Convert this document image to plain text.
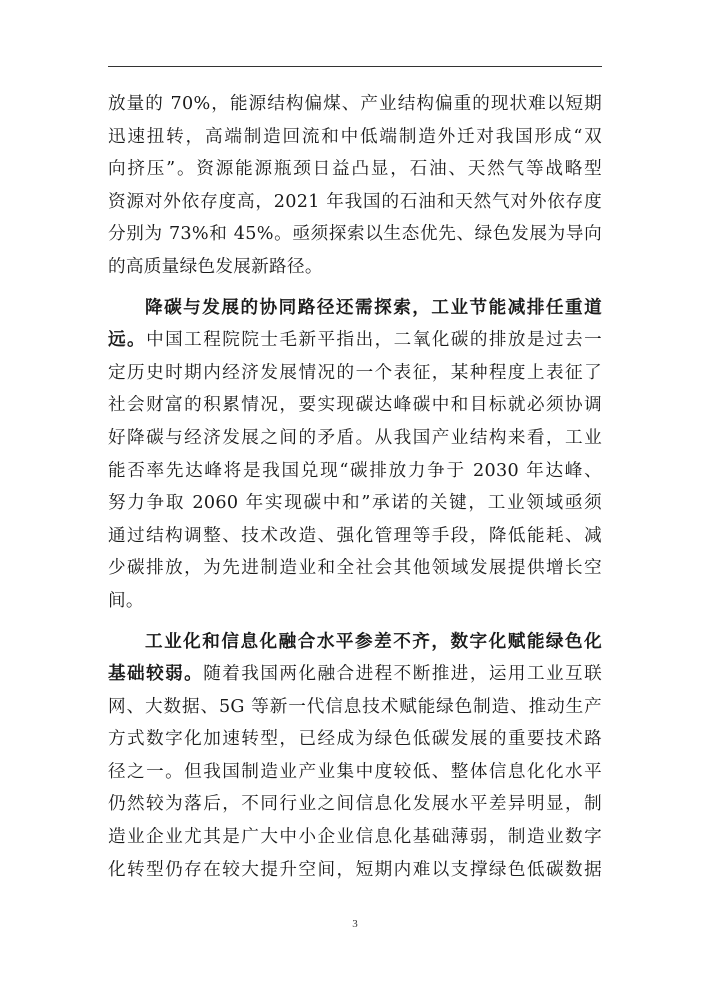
放量的 70%，能源结构偏煤、产业结构偏重的现状难以短期
迅速扭转，高端制造回流和中低端制造外迁对我国形成“双
向挤压”。资源能源瓶颈日益凸显，石油、天然气等战略型
资源对外依存度高，2021 年我国的石油和天然气对外依存度
分别为 73%和 45%。亟须探索以生态优先、绿色发展为导向
的高质量绿色发展新路径。
降碳与发展的协同路径还需探索，工业节能减排任重道
远。中国工程院院士毛新平指出，二氧化碳的排放是过去一
定历史时期内经济发展情况的一个表征，某种程度上表征了
社会财富的积累情况，要实现碳达峰碳中和目标就必须协调
好降碳与经济发展之间的矛盾。从我国产业结构来看，工业
能否率先达峰将是我国兑现“碳排放力争于 2030 年达峰、
努力争取 2060 年实现碳中和”承诺的关键，工业领域亟须
通过结构调整、技术改造、强化管理等手段，降低能耗、减
少碳排放，为先进制造业和全社会其他领域发展提供增长空
间。
工业化和信息化融合水平参差不齐，数字化赋能绿色化
基础较弱。随着我国两化融合进程不断推进，运用工业互联
网、大数据、5G 等新一代信息技术赋能绿色制造、推动生产
方式数字化加速转型，已经成为绿色低碳发展的重要技术路
径之一。但我国制造业产业集中度较低、整体信息化化水平
仍然较为落后，不同行业之间信息化发展水平差异明显，制
造业企业尤其是广大中小企业信息化基础薄弱，制造业数字
化转型仍存在较大提升空间，短期内难以支撑绿色低碳数据
3
